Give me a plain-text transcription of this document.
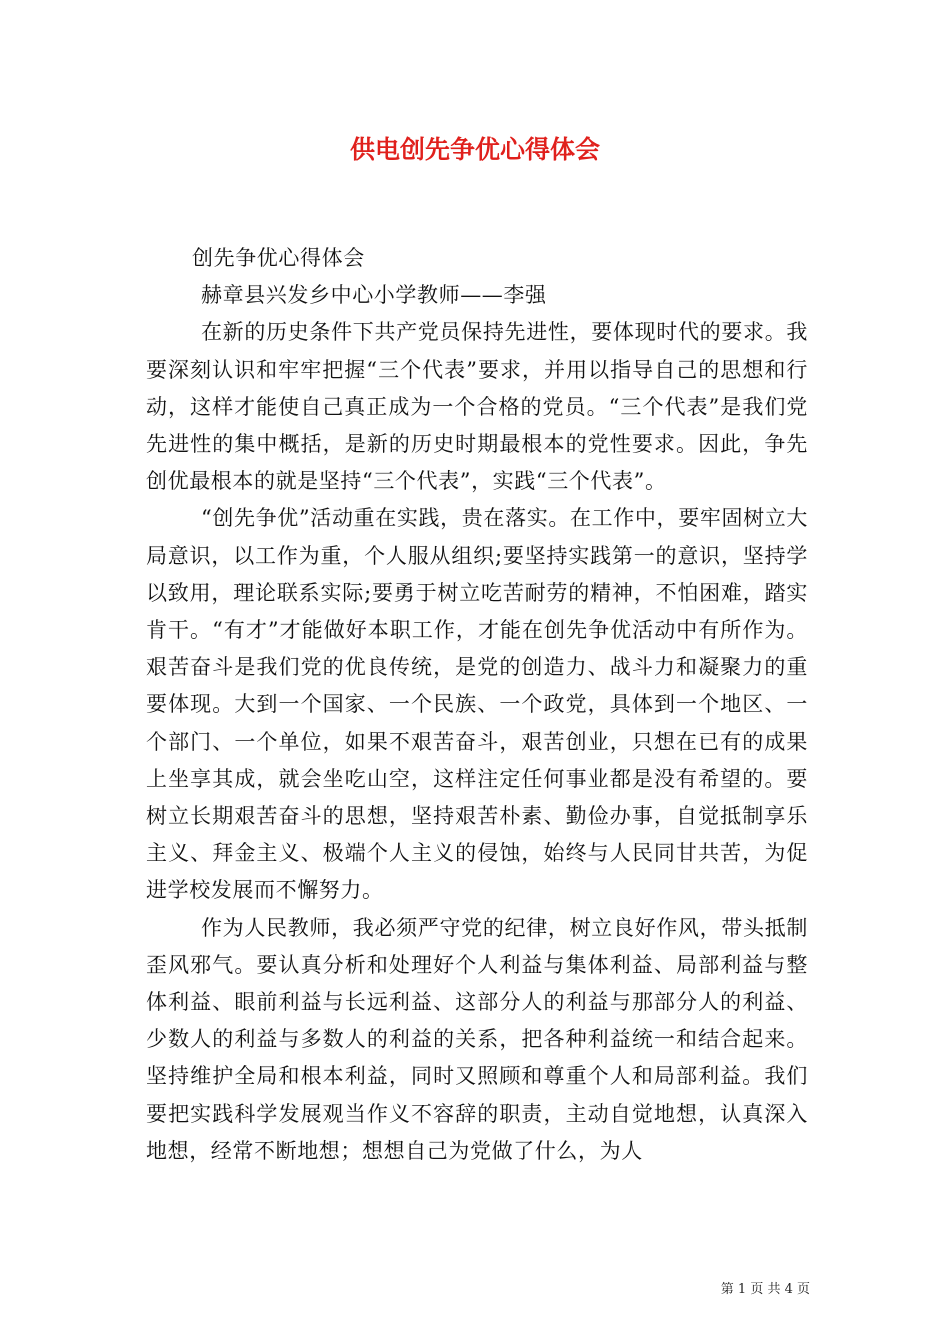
供电创先争优心得体会

创先争优心得体会

赫章县兴发乡中心小学教师——李强

在新的历史条件下共产党员保持先进性，要体现时代的要求。我要深刻认识和牢牢把握“三个代表”要求，并用以指导自己的思想和行动，这样才能使自己真正成为一个合格的党员。“三个代表”是我们党先进性的集中概括，是新的历史时期最根本的党性要求。因此，争先创优最根本的就是坚持“三个代表”，实践“三个代表”。

“创先争优”活动重在实践，贵在落实。在工作中，要牢固树立大局意识，以工作为重，个人服从组织;要坚持实践第一的意识，坚持学以致用，理论联系实际;要勇于树立吃苦耐劳的精神，不怕困难，踏实肯干。“有才”才能做好本职工作，才能在创先争优活动中有所作为。艰苦奋斗是我们党的优良传统，是党的创造力、战斗力和凝聚力的重要体现。大到一个国家、一个民族、一个政党，具体到一个地区、一个部门、一个单位，如果不艰苦奋斗，艰苦创业，只想在已有的成果上坐享其成，就会坐吃山空，这样注定任何事业都是没有希望的。要树立长期艰苦奋斗的思想，坚持艰苦朴素、勤俭办事，自觉抵制享乐主义、拜金主义、极端个人主义的侵蚀，始终与人民同甘共苦，为促进学校发展而不懈努力。

作为人民教师，我必须严守党的纪律，树立良好作风，带头抵制歪风邪气。要认真分析和处理好个人利益与集体利益、局部利益与整体利益、眼前利益与长远利益、这部分人的利益与那部分人的利益、少数人的利益与多数人的利益的关系，把各种利益统一和结合起来。坚持维护全局和根本利益，同时又照顾和尊重个人和局部利益。我们要把实践科学发展观当作义不容辞的职责，主动自觉地想，认真深入地想，经常不断地想；想想自己为党做了什么，为人

第 1 页 共 4 页
